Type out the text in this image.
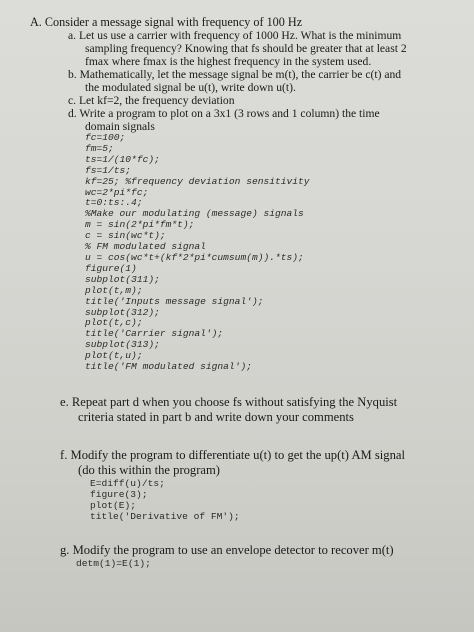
A. Consider a message signal with frequency of 100 Hz
a. Let us use a carrier with frequency of 1000 Hz. What is the minimum
sampling frequency? Knowing that fs should be greater that at least 2
fmax where fmax is the highest frequency in the system used.
b. Mathematically, let the message signal be m(t), the carrier be c(t) and
the modulated signal be u(t), write down u(t).
c. Let kf=2, the frequency deviation
d. Write a program to plot on a 3x1 (3 rows and 1 column) the time
domain signals
fc=100;
fm=5;
ts=1/(10*fc);
fs=1/ts;
kf=25; %frequency deviation sensitivity
wc=2*pi*fc;
t=0:ts:.4;
%Make our modulating (message) signals
m = sin(2*pi*fm*t);
c = sin(wc*t);
% FM modulated signal
u = cos(wc*t+(kf*2*pi*cumsum(m)).*ts);
figure(1)
subplot(311);
plot(t,m);
title('Inputs message signal');
subplot(312);
plot(t,c);
title('Carrier signal');
subplot(313);
plot(t,u);
title('FM modulated signal');
e. Repeat part d when you choose fs without satisfying the Nyquist
criteria stated in part b and write down your comments
f. Modify the program to differentiate u(t) to get the up(t) AM signal
(do this within the program)
E=diff(u)/ts;
figure(3);
plot(E);
title('Derivative of FM');
g. Modify the program to use an envelope detector to recover m(t)
detm(1)=E(1);
